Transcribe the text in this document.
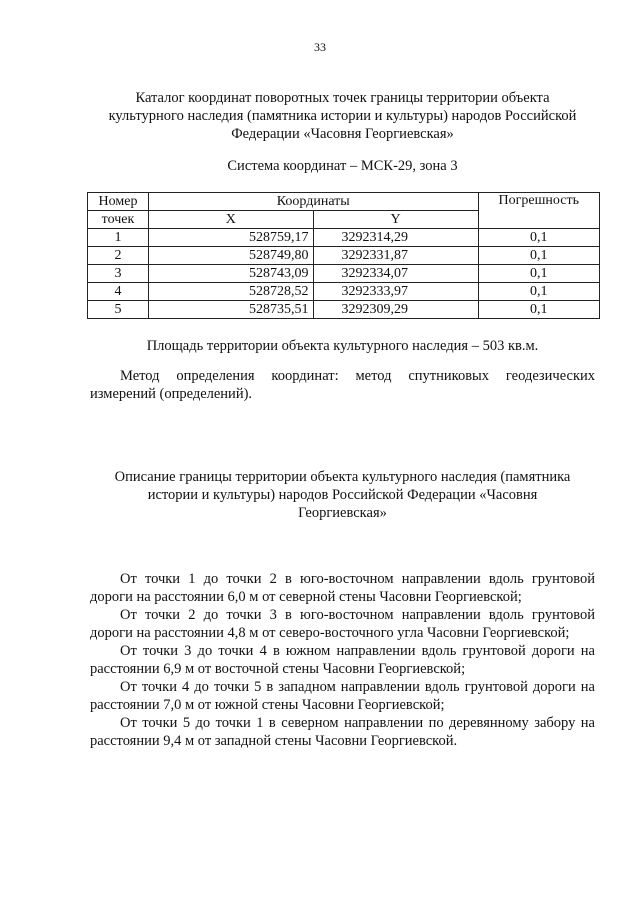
33
Каталог координат поворотных точек границы территории объекта
культурного наследия (памятника истории и культуры) народов Российской
Федерации «Часовня Георгиевская»
Система координат – МСК-29, зона 3
Номер	Координаты		Погрешность
точек	X	Y	
1	528759,17	3292314,29	0,1
2	528749,80	3292331,87	0,1
3	528743,09	3292334,07	0,1
4	528728,52	3292333,97	0,1
5	528735,51	3292309,29	0,1
Площадь территории объекта культурного наследия – 503 кв.м.
Метод определения координат: метод спутниковых геодезических измерений (определений).
Описание границы территории объекта культурного наследия (памятника
истории и культуры) народов Российской Федерации «Часовня
Георгиевская»

От точки 1 до точки 2 в юго-восточном направлении вдоль грунтовой дороги на расстоянии 6,0 м от северной стены Часовни Георгиевской;

От точки 2 до точки 3 в юго-восточном направлении вдоль грунтовой дороги на расстоянии 4,8 м от северо-восточного угла Часовни Георгиевской;

От точки 3 до точки 4 в южном направлении вдоль грунтовой дороги на расстоянии 6,9 м от восточной стены Часовни Георгиевской;

От точки 4 до точки 5 в западном направлении вдоль грунтовой дороги на расстоянии 7,0 м от южной стены Часовни Георгиевской;

От точки 5 до точки 1 в северном направлении по деревянному забору на расстоянии 9,4 м от западной стены Часовни Георгиевской.
